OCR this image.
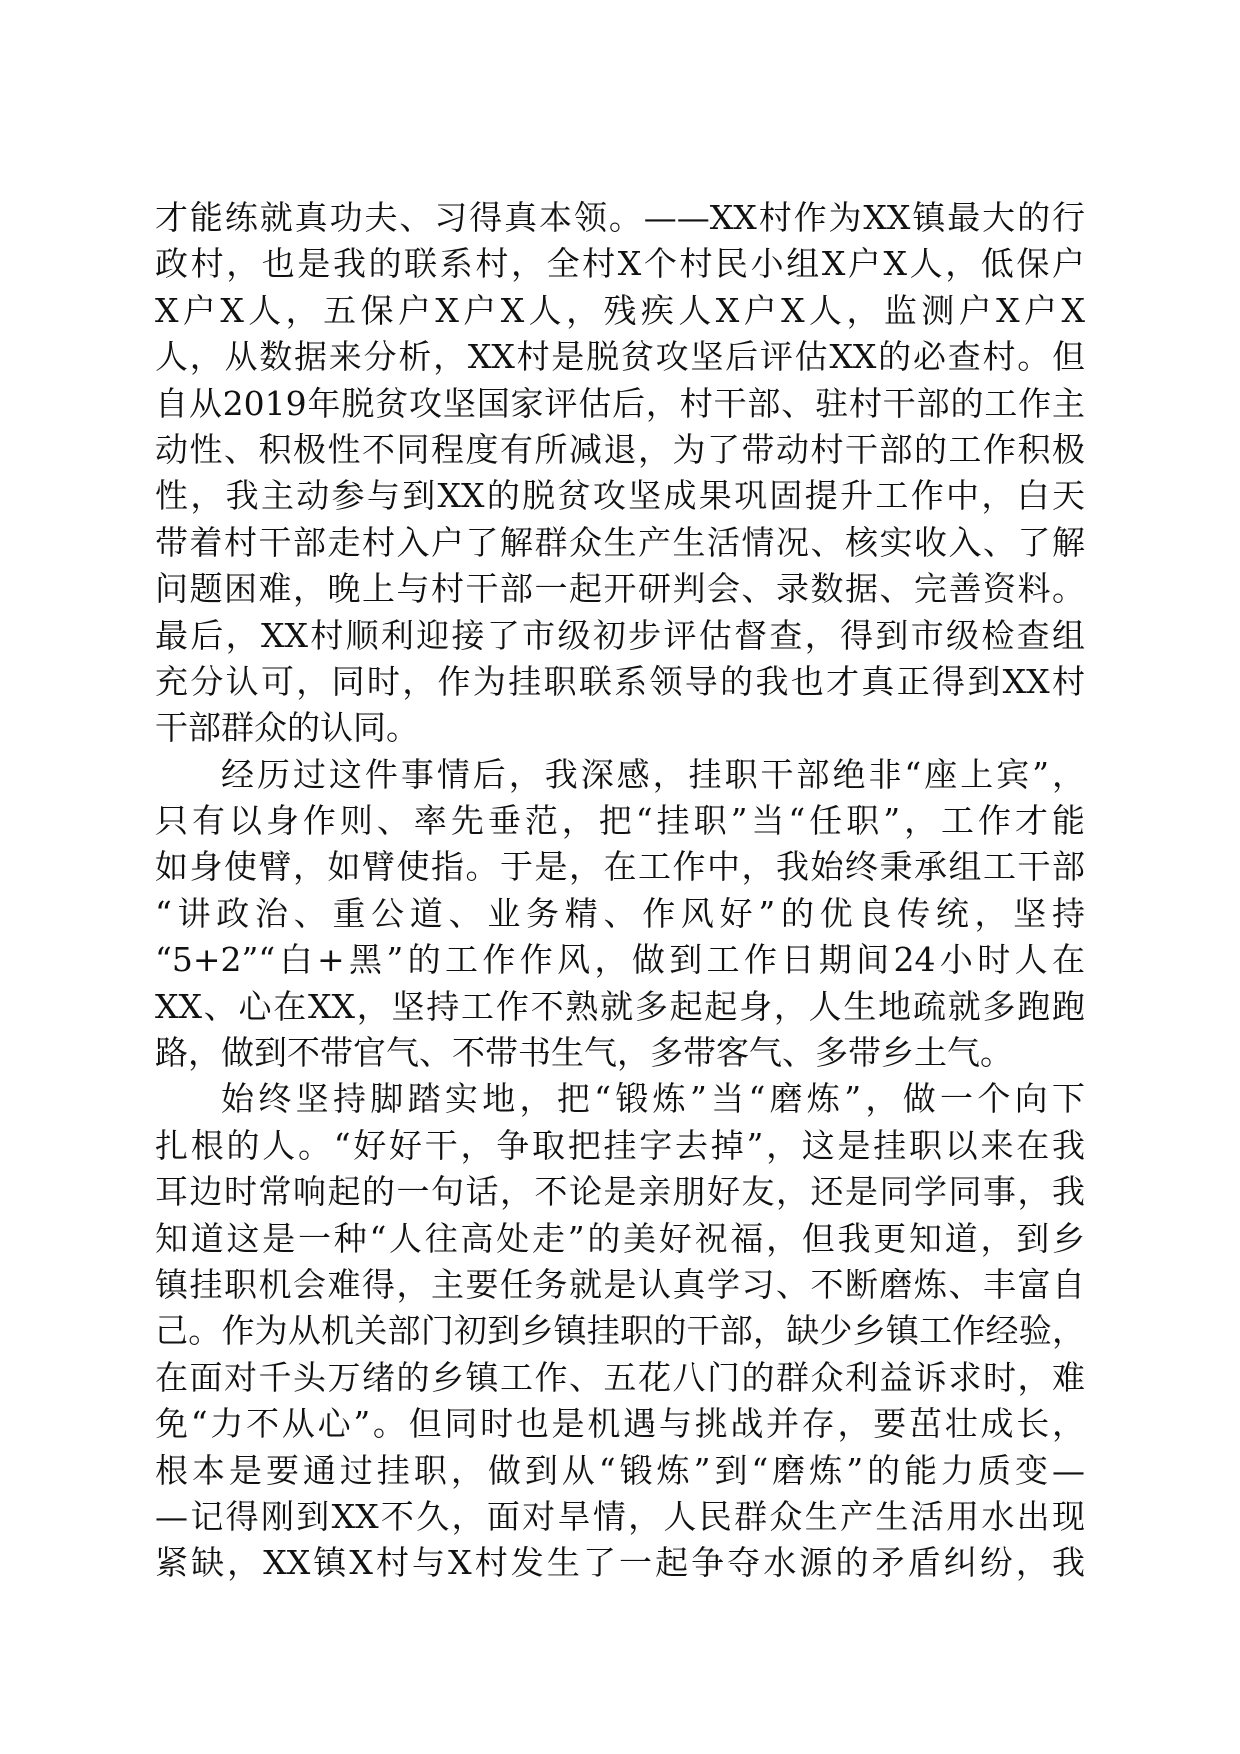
才能练就真功夫、习得真本领。——XX村作为XX镇最大的行
政村，也是我的联系村，全村X个村民小组X户X人，低保户
X户X人，五保户X户X人，残疾人X户X人，监测户X户X
人，从数据来分析，XX村是脱贫攻坚后评估XX的必查村。但
自从2019年脱贫攻坚国家评估后，村干部、驻村干部的工作主
动性、积极性不同程度有所减退，为了带动村干部的工作积极
性，我主动参与到XX的脱贫攻坚成果巩固提升工作中，白天
带着村干部走村入户了解群众生产生活情况、核实收入、了解
问题困难，晚上与村干部一起开研判会、录数据、完善资料。
最后，XX村顺利迎接了市级初步评估督查，得到市级检查组
充分认可，同时，作为挂职联系领导的我也才真正得到XX村
干部群众的认同。
经历过这件事情后，我深感，挂职干部绝非“座上宾”，
只有以身作则、率先垂范，把“挂职”当“任职”，工作才能
如身使臂，如臂使指。于是，在工作中，我始终秉承组工干部
“讲政治、重公道、业务精、作风好”的优良传统，坚持
“5+2”“白+黑”的工作作风，做到工作日期间24小时人在
XX、心在XX，坚持工作不熟就多起起身，人生地疏就多跑跑
路，做到不带官气、不带书生气，多带客气、多带乡土气。
始终坚持脚踏实地，把“锻炼”当“磨炼”，做一个向下
扎根的人。“好好干，争取把挂字去掉”，这是挂职以来在我
耳边时常响起的一句话，不论是亲朋好友，还是同学同事，我
知道这是一种“人往高处走”的美好祝福，但我更知道，到乡
镇挂职机会难得，主要任务就是认真学习、不断磨炼、丰富自
己。作为从机关部门初到乡镇挂职的干部，缺少乡镇工作经验，
在面对千头万绪的乡镇工作、五花八门的群众利益诉求时，难
免“力不从心”。但同时也是机遇与挑战并存，要茁壮成长，
根本是要通过挂职，做到从“锻炼”到“磨炼”的能力质变—
—记得刚到XX不久，面对旱情，人民群众生产生活用水出现
紧缺，XX镇X村与X村发生了一起争夺水源的矛盾纠纷，我
